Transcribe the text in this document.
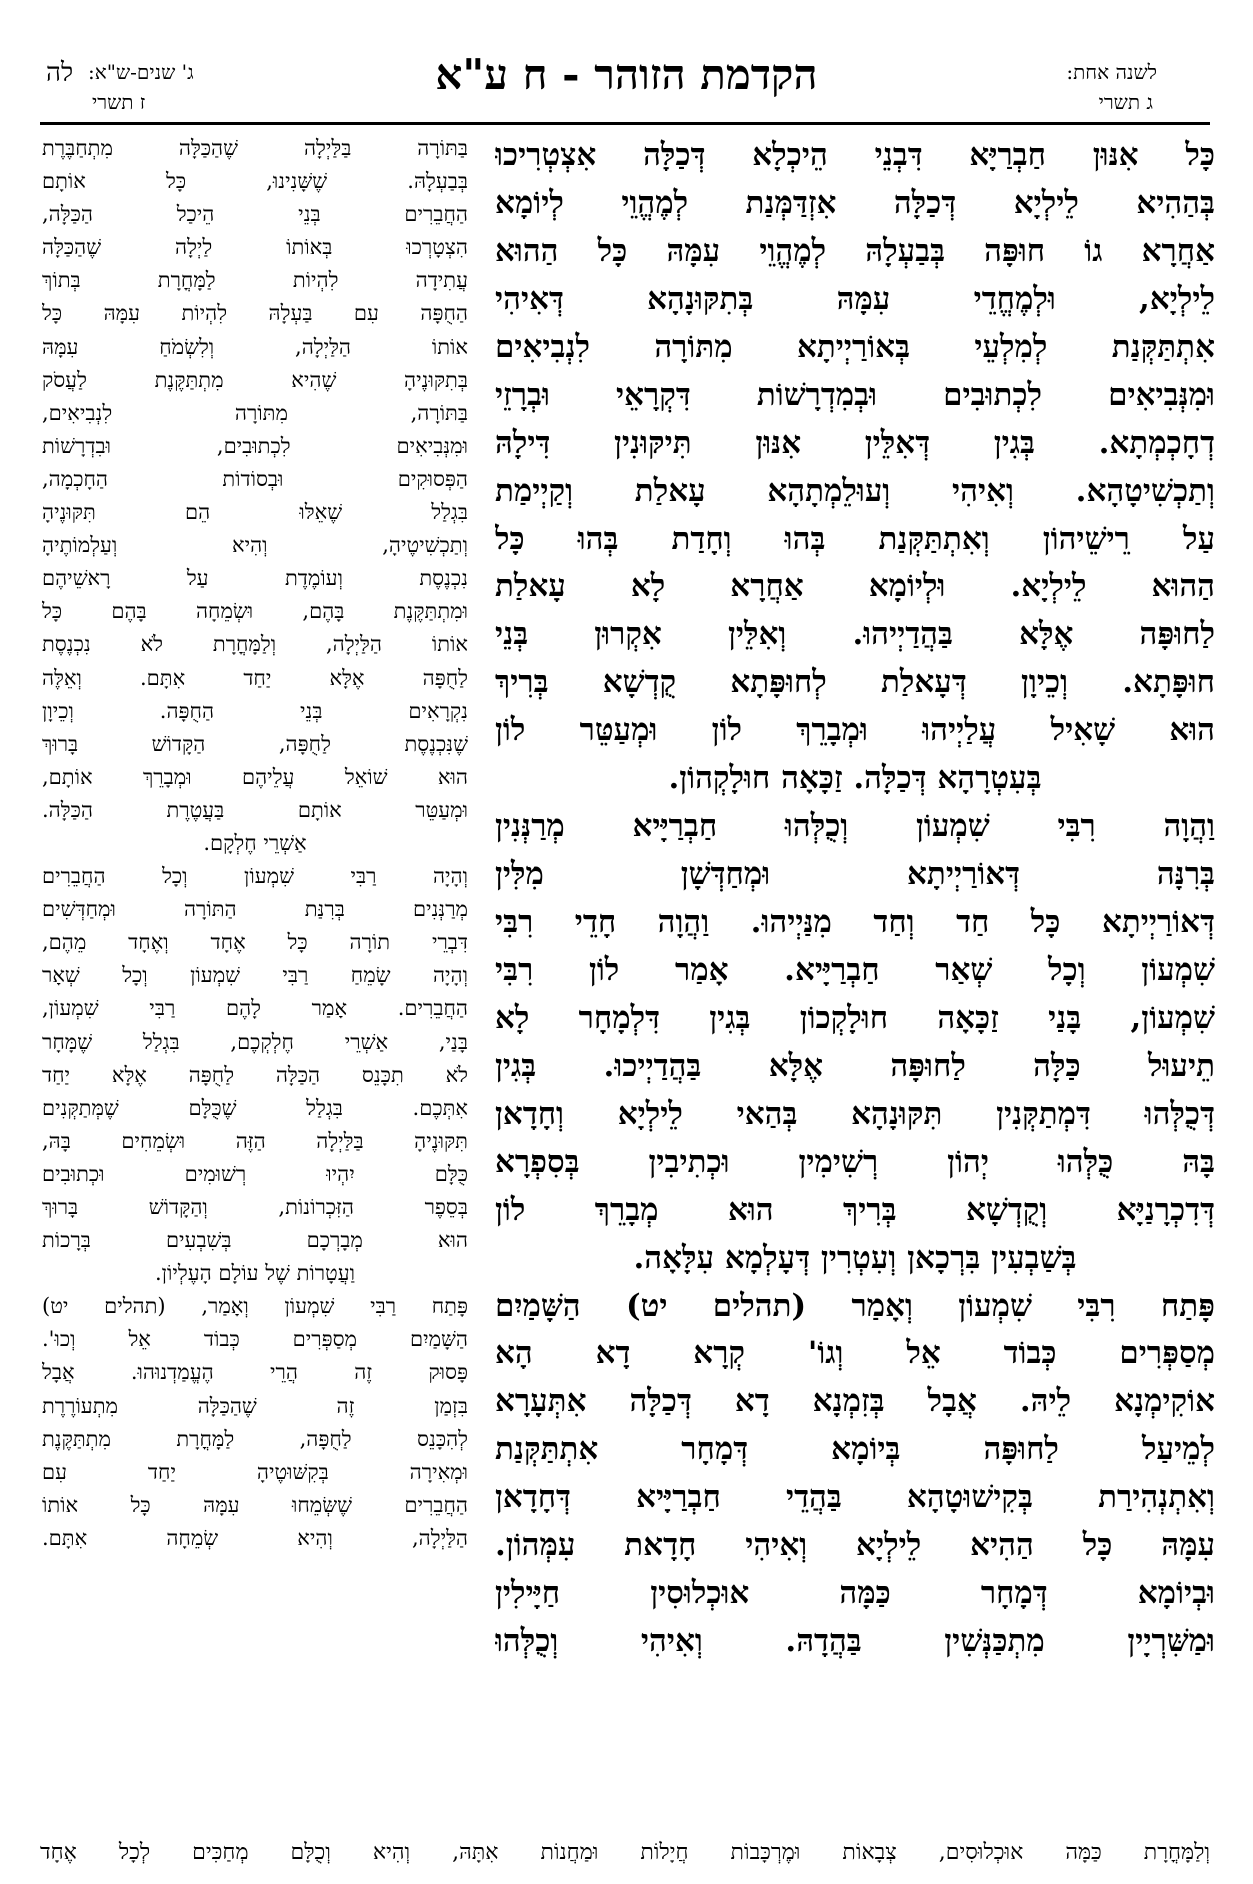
לה ג' שנים-ש"א:
ז תשרי
הקדמת הזוהר - ח ע"א	לשנה אחת:
ג תשרי
כָּל אִנּוּן חַבְרַיָּא דִּבְנֵי הֵיכְלָא דְּכַלָּה אִצְטְרִיכוּ
בְּהַהִיא לֵילְיָא דְּכַלָּה אִזְדַּמְּנַת לְמֶהֱוֵי לְיוֹמָא
אַחֲרָא גוֹ חוּפָּה בְּבַעְלָהּ לְמֶהֱוֵי עִמָּהּ כָּל הַהוּא
לֵילְיָא, וּלְמֶחֱדֵי עִמָּהּ בְּתִקּוּנָהָא דְּאִיהִי
אִתְתַּקְּנַת לְמִלְעֵי בְּאוֹרַיְיתָא מִתּוֹרָה לִנְבִיאִים
וּמִנְּבִיאִים לִכְתוּבִים וּבְמִדְרָשׁוֹת דִּקְרָאֵי וּבְרָזֵי
דְחָכְמְתָא. בְּגִין דְּאִלֵּין אִנּוּן תִּיקּוּנִין דִּילָהּ
וְתַכְשִׁיטָהָא. וְאִיהִי וְעוּלֵמְתָהָא עָאלַת וְקַיְימַת
עַל רֵישֵׁיהוֹן וְאִתְתַּקְּנַת בְּהוּ וְחָדַת בְּהוּ כָּל
הַהוּא לֵילְיָא. וּלְיוֹמָא אַחֲרָא לָא עָאלַת
לַחוּפָּה אֶלָּא בַּהֲדַיְיהוּ. וְאִלֵּין אִקְרוּן בְּנֵי
חוּפָּתָא. וְכֵיוָן דְּעָאלַת לְחוּפָּתָא קֻדְשָׁא בְּרִיךְ
הוּא שָׁאִיל עֲלַיְיהוּ וּמְבָרֵךְ לוֹן וּמְעַטֵּר לוֹן
בְּעִטְרָהָא דְּכַלָּה. זַכָּאָה חוּלָקְהוֹן.
וַהֲוָה רִבִּי שִׁמְעוֹן וְכֻלְּהוּ חַבְרַיָּיא מְרַנְּנִין
בְּרִנָּה דְּאוֹרַיְיתָא וּמְחַדְּשָׁן מִלִּין
דְּאוֹרַיְיתָא כָּל חַד וְחַד מִנַּיְיהוּ. וַהֲוָה חָדֵי רִבִּי
שִׁמְעוֹן וְכָל שְׁאַר חַבְרַיָּיא. אָמַר לוֹן רִבִּי
שִׁמְעוֹן, בָּנַי זַכָּאָה חוּלָקְכוֹן בְּגִין דִּלְמָחָר לָא
תֵיעוּל כַּלָּה לַחוּפָּה אֶלָּא בַּהֲדַיְיכוּ. בְּגִין
דְּכֻלְּהוּ דִּמְתַקְּנִין תִּקּוּנָהָא בְּהַאי לֵילְיָא וְחָדָאן
בָּהּ כֻּלְּהוּ יְהוֹן רְשִׁימִין וּכְתִיבִין בְּסִפְרָא
דְּדִכְרָנַיָּא וְקֻדְשָׁא בְּרִיךְ הוּא מְבָרֵךְ לוֹן
בְּשַׁבְעִין בִּרְכָאן וְעִטְרִין דְּעָלְמָא עִלָּאָה.
פָּתַח רִבִּי שִׁמְעוֹן וְאָמַר (תהלים יט) הַשָּׁמַיִם
מְסַפְּרִים כְּבוֹד אֵל וְגוֹ' קְרָא דָא הָא
אוֹקִימְנָא לֵיהּ. אֲבָל בְּזִמְנָא דָא דְּכַלָּה אִתְּעָרָא
לְמֵיעַל לַחוּפָּה בְּיוֹמָא דְּמָחָר אִתְתַּקְּנַת
וְאִתְנְהִירַת בְּקִישׁוּטָהָא בַּהֲדֵי חַבְרַיָּיא דְּחָדָאן
עִמָּהּ כָּל הַהִיא לֵילְיָא וְאִיהִי חָדָאת עִמְּהוֹן.
וּבְיוֹמָא דְּמָחָר כַּמָּה אוּכְלוּסִין חַיָּילִין
וּמַשִּׁרְיָין מִתְכַּנְּשִׁין בַּהֲדָהּ. וְאִיהִי וְכֻלְּהוּ
בַּתּוֹרָה בַּלַּיְלָה שֶׁהַכַּלָּה מִתְחַבֶּרֶת
בְּבַעְלָהּ. שֶׁשָּׁנִינוּ, כָּל אוֹתָם
הַחֲבֵרִים בְּנֵי הֵיכַל הַכַּלָּה,
הִצְטָרְכוּ בְּאוֹתוֹ לַיְלָה שֶׁהַכַּלָּה
עֲתִידָה לִהְיוֹת לַמָּחֳרָת בְּתוֹךְ
הַחֻפָּה עִם בַּעְלָהּ לִהְיוֹת עִמָּהּ כָּל
אוֹתוֹ הַלַּיְלָה, וְלִשְׂמֹחַ עִמָּהּ
בְּתִקּוּנֶיהָ שֶׁהִיא מִתְתַּקֶּנֶת לַעֲסֹק
בַּתּוֹרָה, מִתּוֹרָה לִנְבִיאִים,
וּמִנְּבִיאִים לִכְתוּבִים, וּבִדְרָשׁוֹת
הַפְּסוּקִים וּבְסוֹדוֹת הַחָכְמָה,
בִּגְלַל שֶׁאֵלּוּ הֵם תִּקּוּנֶיהָ
וְתַכְשִׁיטֶיהָ, וְהִיא וְעַלְמוֹתֶיהָ
נִכְנֶסֶת וְעוֹמֶדֶת עַל רָאשֵׁיהֶם
וּמִתְתַּקֶּנֶת בָּהֶם, וּשְׂמֵחָה בָּהֶם כָּל
אוֹתוֹ הַלַּיְלָה, וְלַמָּחֳרָת לֹא נִכְנֶסֶת
לַחֻפָּה אֶלָּא יַחַד אִתָּם. וְאֵלֶּה
נִקְרָאִים בְּנֵי הַחֻפָּה. וְכֵיוָן
שֶׁנִּכְנֶסֶת לַחֻפָּה, הַקָּדוֹשׁ בָּרוּךְ
הוּא שׁוֹאֵל עֲלֵיהֶם וּמְבָרֵךְ אוֹתָם,
וּמְעַטֵּר אוֹתָם בַּעֲטֶרֶת הַכַּלָּה.
אַשְׁרֵי חֶלְקָם.
וְהָיָה רַבִּי שִׁמְעוֹן וְכָל הַחֲבֵרִים
מְרַנְּנִים בְּרִנַּת הַתּוֹרָה וּמְחַדְּשִׁים
דִּבְרֵי תוֹרָה כָּל אֶחָד וְאֶחָד מֵהֶם,
וְהָיָה שָׂמֵחַ רַבִּי שִׁמְעוֹן וְכָל שְׁאָר
הַחֲבֵרִים. אָמַר לָהֶם רַבִּי שִׁמְעוֹן,
בָּנַי, אַשְׁרֵי חֶלְקְכֶם, בִּגְלַל שֶׁמָּחָר
לֹא תִכָּנֵס הַכַּלָּה לַחֻפָּה אֶלָּא יַחַד
אִתְּכֶם. בִּגְלַל שֶׁכֻּלָּם שֶׁמְּתַקְּנִים
תִּקּוּנֶיהָ בַּלַּיְלָה הַזֶּה וּשְׂמֵחִים בָּהּ,
כֻּלָּם יִהְיוּ רְשׁוּמִים וּכְתוּבִים
בְּסֵפֶר הַזִּכְרוֹנוֹת, וְהַקָּדוֹשׁ בָּרוּךְ
הוּא מְבָרְכָם בְּשִׁבְעִים בְּרָכוֹת
וַעֲטָרוֹת שֶׁל עוֹלָם הָעֶלְיוֹן.
פָּתַח רַבִּי שִׁמְעוֹן וְאָמַר, (תהלים יט)
הַשָּׁמַיִם מְסַפְּרִים כְּבוֹד אֵל וְכוּ'.
פָּסוּק זֶה הֲרֵי הֶעֱמַדְנוּהוּ. אֲבָל
בִּזְמַן זֶה שֶׁהַכַּלָּה מִתְעוֹרֶרֶת
לְהִכָּנֵס לַחֻפָּה, לַמָּחֳרָת מִתְתַּקֶּנֶת
וּמְאִירָה בְּקִשּׁוּטֶיהָ יַחַד עִם
הַחֲבֵרִים שֶׁשְּׂמֵחוּ עִמָּהּ כָּל אוֹתוֹ
הַלַּיְלָה, וְהִיא שְׂמֵחָה אִתָּם.
וְלַמָּחֳרָת כַּמָּה אוּכְלוּסִים, צְבָאוֹת וּמֶרְכָּבוֹת חֲיָלוֹת וּמַחֲנוֹת אִתָּהּ, וְהִיא וְכֻלָּם מְחַכִּים לְכָל אֶחָד
